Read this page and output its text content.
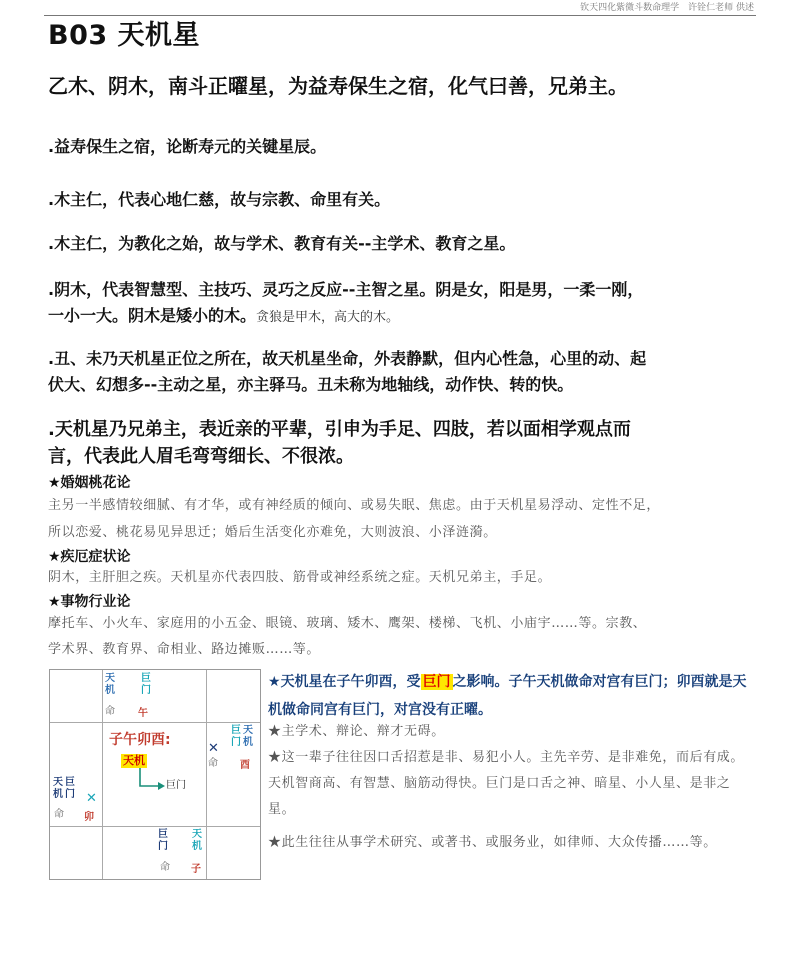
钦天四化紫微斗数命理学　许铨仁老师 供述
B03 天机星

乙木、阴木，南斗正曜星，为益寿保生之宿，化气曰善，兄弟主。

.益寿保生之宿，论断寿元的关键星辰。

.木主仁，代表心地仁慈，故与宗教、命里有关。

.木主仁，为教化之始，故与学术、教育有关--主学术、教育之星。

.阴木，代表智慧型、主技巧、灵巧之反应--主智之星。阴是女，阳是男，一柔一刚，

一小一大。阴木是矮小的木。贪狼是甲木，高大的木。

.丑、未乃天机星正位之所在，故天机星坐命，外表静默，但内心性急，心里的动、起

伏大、幻想多--主动之星，亦主驿马。丑未称为地轴线，动作快、转的快。

.天机星乃兄弟主，表近亲的平辈，引申为手足、四肢，若以面相学观点而

言，代表此人眉毛弯弯细长、不很浓。

★婚姻桃花论

主另一半感情较细腻、有才华，或有神经质的倾向、或易失眠、焦虑。由于天机星易浮动、定性不足，

所以恋爱、桃花易见异思迁；婚后生活变化亦难免，大则波浪、小泽涟漪。

★疾厄症状论

阴木，主肝胆之疾。天机星亦代表四肢、筋骨或神经系统之症。天机兄弟主，手足。

★事物行业论

摩托车、小火车、家庭用的小五金、眼镜、玻璃、矮木、鹰架、楼梯、飞机、小庙宇……等。宗教、

学术界、教育界、命相业、路边摊贩……等。

天
机
巨
门
命 午
巨
门
天
机
✕
命 酉
天
机
巨
门 ✕
命 卯
巨
门
天
机
命 子
子午卯酉:
天机
巨门

★天机星在子午卯酉，受 巨门 之影响。子午天机做命对宫有巨门；卯酉就是天机做命同宫有巨门，对宫没有正曜。

★主学术、辩论、辩才无碍。

★这一辈子往往因口舌招惹是非、易犯小人。主先辛劳、是非难免，而后有成。天机智商高、有智慧、脑筋动得快。巨门是口舌之神、暗星、小人星、是非之星。

★此生往往从事学术研究、或著书、或服务业，如律师、大众传播……等。
